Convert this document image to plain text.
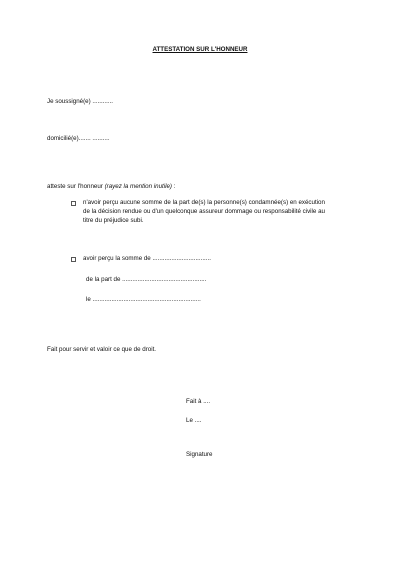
ATTESTATION SUR L'HONNEUR
Je soussigné(e) ............
domicilié(e)....... ..........
atteste sur l'honneur (rayez la mention inutile) :
n'avoir perçu aucune somme de la part de(s) la personne(s) condamnée(s) en exécution
de la décision rendue ou d'un quelconque assureur dommage ou responsabilité civile au
titre du préjudice subi.
avoir perçu la somme de ..................................
de la part de .................................................
le ...............................................................
Fait pour servir et valoir ce que de droit.
Fait à ....
Le ....
Signature
